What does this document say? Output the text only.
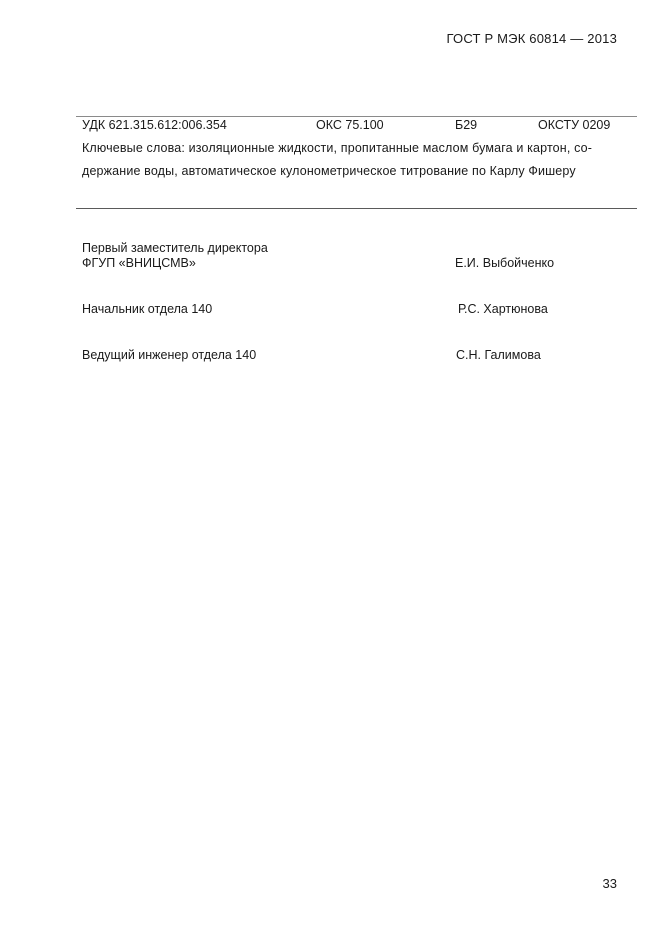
ГОСТ Р МЭК 60814 — 2013
УДК 621.315.612:006.354	ОКС 75.100	Б29	ОКСТУ 0209
Ключевые слова: изоляционные жидкости, пропитанные маслом бумага и картон, со-
держание воды, автоматическое кулонометрическое титрование по Карлу Фишеру
Первый заместитель директора
ФГУП «ВНИЦСМВ»	Е.И. Выбойченко
Начальник отдела 140	Р.С. Хартюнова
Ведущий инженер отдела 140	С.Н. Галимова
33
